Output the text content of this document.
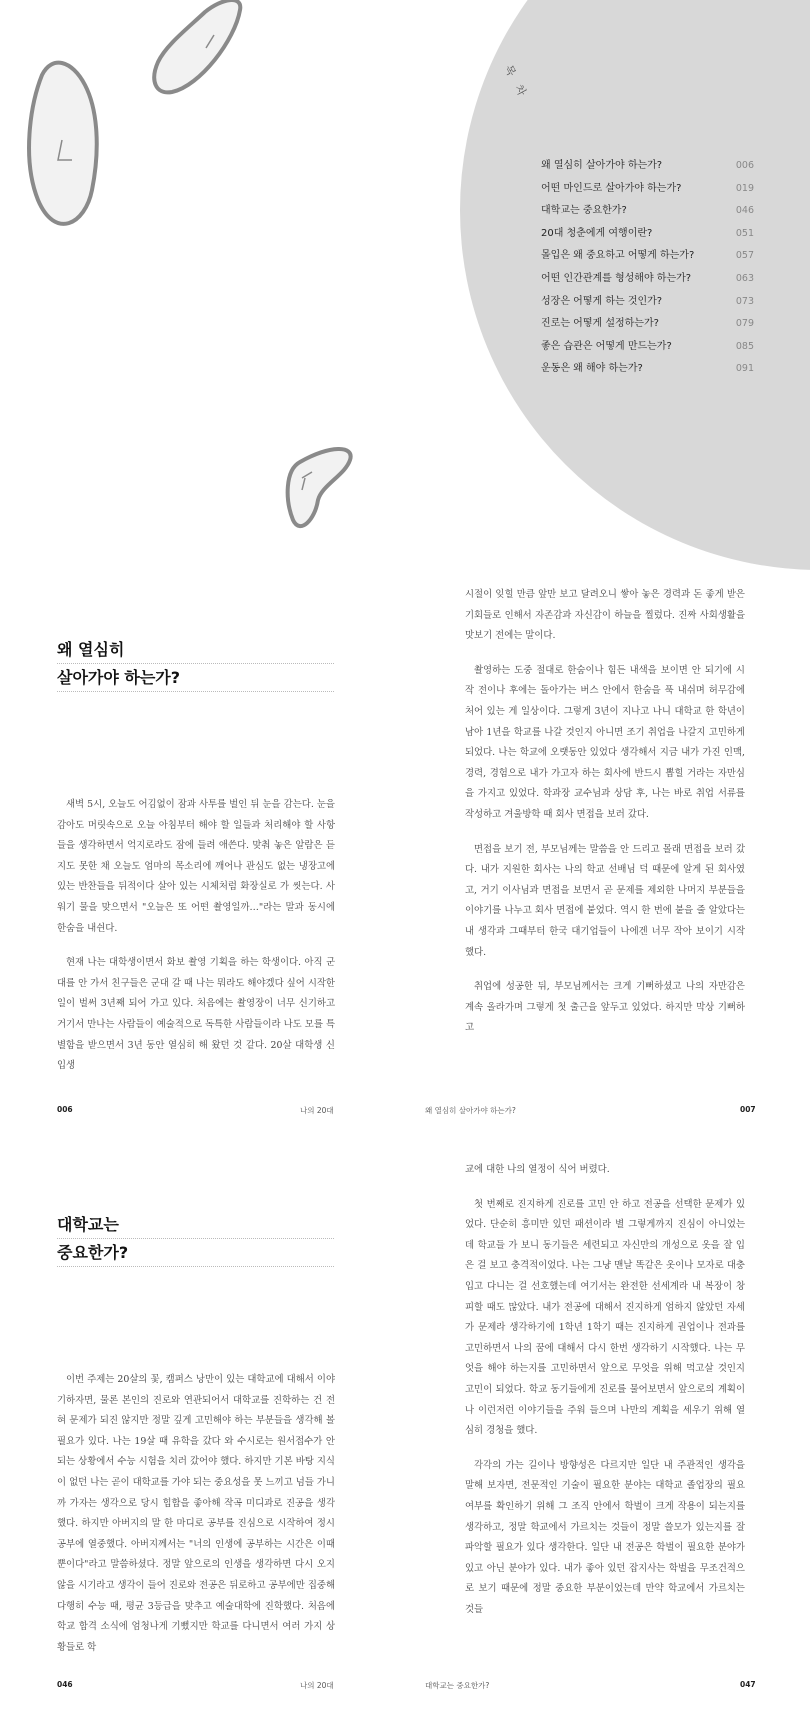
목 차
왜 열심히 살아가야 하는가?	006
어떤 마인드로 살아가야 하는가?	019
대학교는 중요한가?	046
20대 청춘에게 여행이란?	051
몰입은 왜 중요하고 어떻게 하는가?	057
어떤 인간관계를 형성해야 하는가?	063
성장은 어떻게 하는 것인가?	073
진로는 어떻게 설정하는가?	079
좋은 습관은 어떻게 만드는가?	085
운동은 왜 해야 하는가?	091
왜 열심히
살아가야 하는가?

새벽 5시, 오늘도 어김없이 잠과 사투를 벌인 뒤 눈을 감는다. 눈을 감아도 머릿속으로 오늘 아침부터 해야 할 일들과 처리해야 할 사항들을 생각하면서 억지로라도 잠에 들려 애쓴다. 맞춰 놓은 알람은 듣지도 못한 채 오늘도 엄마의 목소리에 깨어나 관심도 없는 냉장고에 있는 반찬들을 뒤적이다 살아 있는 시체처럼 화장실로 가 씻는다. 사워기 물을 맞으면서 "오늘은 또 어떤 촬영일까…"라는 말과 동시에 한숨을 내쉰다.

현재 나는 대학생이면서 화보 촬영 기획을 하는 학생이다. 아직 군대를 안 가서 친구들은 군대 갈 때 나는 뭐라도 해야겠다 싶어 시작한 일이 벌써 3년째 되어 가고 있다. 처음에는 촬영장이 너무 신기하고 거기서 만나는 사람들이 예술적으로 독특한 사람들이라 나도 모를 특별함을 받으면서 3년 동안 열심히 해 왔던 것 같다. 20살 대학생 신입생

006	나의 20대

시절이 잊힐 만큼 앞만 보고 달려오니 쌓아 놓은 경력과 돈 좋게 받은 기회들로 인해서 자존감과 자신감이 하늘을 찔렀다. 진짜 사회생활을 맛보기 전에는 말이다.

촬영하는 도중 절대로 한숨이나 힘든 내색을 보이면 안 되기에 시작 전이나 후에는 돌아가는 버스 안에서 한숨을 푹 내쉬며 허무감에 처어 있는 게 일상이다. 그렇게 3년이 지나고 나니 대학교 한 학년이 남아 1년을 학교를 나갈 것인지 아니면 조기 취업을 나갈지 고민하게 되었다. 나는 학교에 오랫동안 있었다 생각해서 지금 내가 가진 인맥, 경력, 경험으로 내가 가고자 하는 회사에 반드시 뽑힐 거라는 자만심을 가지고 있었다. 학과장 교수님과 상담 후, 나는 바로 취업 서류를 작성하고 겨울방학 때 회사 면접을 보러 갔다.

면접을 보기 전, 부모님께는 말씀을 안 드리고 몰래 면접을 보러 갔다. 내가 지원한 회사는 나의 학교 선배님 덕 때문에 알게 된 회사였고, 거기 이사님과 면접을 보면서 곧 문제를 제외한 나머지 부분들을 이야기를 나누고 회사 면접에 붙었다. 역시 한 번에 붙을 줄 알았다는 내 생각과 그때부터 한국 대기업들이 나에겐 너무 작아 보이기 시작했다.

취업에 성공한 뒤, 부모님께서는 크게 기뻐하셨고 나의 자만감은 계속 올라가며 그렇게 첫 출근을 앞두고 있었다. 하지만 막상 기뻐하고

왜 열심히 살아가야 하는가?	007
대학교는
중요한가?

이번 주제는 20살의 꽃, 캠퍼스 낭만이 있는 대학교에 대해서 이야기하자면, 물론 본인의 진로와 연관되어서 대학교를 진학하는 건 전혀 문제가 되진 않지만 정말 깊게 고민해야 하는 부분들을 생각해 볼 필요가 있다. 나는 19살 때 유학을 갔다 와 수시로는 원서접수가 안 되는 상황에서 수능 시험을 치러 갔어야 했다. 하지만 기본 바탕 지식이 없던 나는 곧이 대학교를 가야 되는 중요성을 못 느끼고 넘들 가니까 가자는 생각으로 당시 힙합을 좋아해 작곡 미디과로 진공을 생각했다. 하지만 아버지의 말 한 마디로 공부를 진심으로 시작하여 정시 공부에 열중했다. 아버지께서는 "너의 인생에 공부하는 시간은 이때뿐이다"라고 말씀하셨다. 정말 앞으로의 인생을 생각하면 다시 오지 않을 시기라고 생각이 들어 진로와 전공은 뒤로하고 공부에만 집중해 다행히 수능 때, 평균 3등급을 맞추고 예술대학에 진학했다. 처음에 학교 합격 소식에 엄청나게 기뻤지만 학교를 다니면서 여러 가지 상황들로 학

046	나의 20대

교에 대한 나의 열정이 식어 버렸다.

첫 번째로 진지하게 진로를 고민 안 하고 전공을 선택한 문제가 있었다. 단순히 흥미만 있던 패션이라 별 그렇게까지 진심이 아니었는데 학교들 가 보니 동기들은 세련되고 자신만의 개성으로 옷을 잘 입은 걸 보고 충격적이었다. 나는 그냥 맨날 똑같은 옷이나 모자로 대충 입고 다니는 걸 선호했는데 여기서는 완전한 선세계라 내 복장이 창피할 때도 많았다. 내가 전공에 대해서 진지하게 엄하지 않았던 자세가 문제라 생각하기에 1학년 1학기 때는 진지하게 권업이나 전과를 고민하면서 나의 꿈에 대해서 다시 한번 생각하기 시작했다. 나는 무엇을 해야 하는지를 고민하면서 앞으로 무엇을 위해 먹고살 것인지 고민이 되었다. 학교 동기들에게 진로를 물어보면서 앞으로의 계획이나 이런저런 이야기들을 주워 들으며 나만의 계획을 세우기 위해 열심히 경청을 했다.

각각의 가는 길이나 방향성은 다르지만 일단 내 주관적인 생각을 말해 보자면, 전문적인 기술이 필요한 분야는 대학교 졸업장의 필요 여부를 확인하기 위해 그 조직 안에서 학벌이 크게 작용이 되는지를 생각하고, 정말 학교에서 가르치는 것들이 정말 쓸모가 있는지를 잘 파악할 필요가 있다 생각한다. 일단 내 전공은 학벌이 필요한 분야가 있고 아닌 분야가 있다. 내가 좋아 있던 잡지사는 학벌을 무조건적으로 보기 때문에 정말 중요한 부분이었는데 만약 학교에서 가르치는 것들

대학교는 중요한가?	047
